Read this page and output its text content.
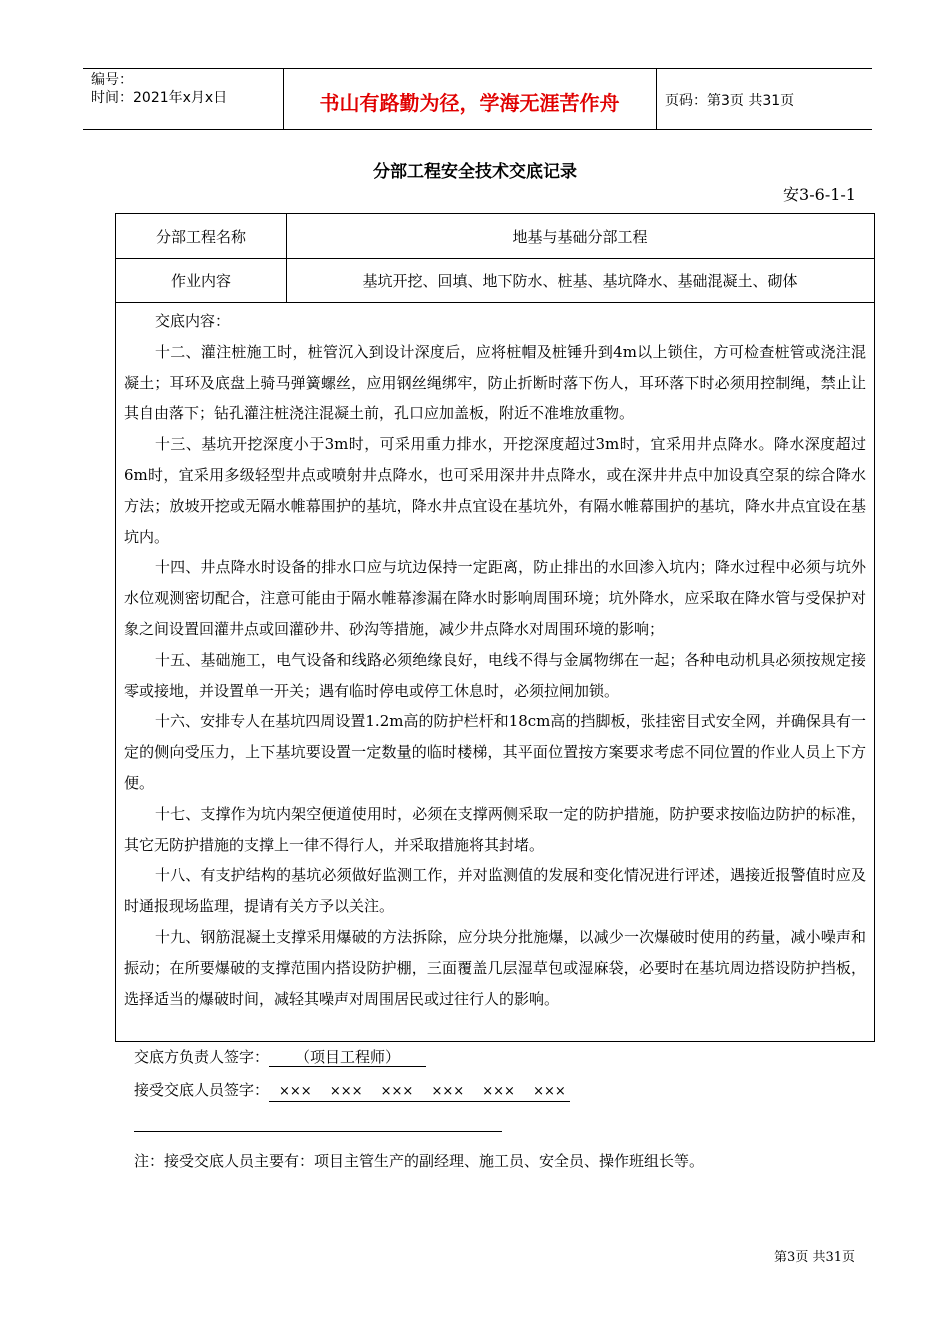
编号：
时间：2021年x月x日	书山有路勤为径，学海无涯苦作舟	页码：第3页 共31页
分部工程安全技术交底记录
安3-6-1-1
分部工程名称	地基与基础分部工程
作业内容	基坑开挖、回填、地下防水、桩基、基坑降水、基础混凝土、砌体

交底内容：

十二、灌注桩施工时，桩管沉入到设计深度后，应将桩帽及桩锤升到4m以上锁住，方可检查桩管或浇注混凝土；耳环及底盘上骑马弹簧螺丝，应用钢丝绳绑牢，防止折断时落下伤人，耳环落下时必须用控制绳，禁止让其自由落下；钻孔灌注桩浇注混凝土前，孔口应加盖板，附近不准堆放重物。

十三、基坑开挖深度小于3m时，可采用重力排水，开挖深度超过3m时，宜采用井点降水。降水深度超过6m时，宜采用多级轻型井点或喷射井点降水，也可采用深井井点降水，或在深井井点中加设真空泵的综合降水方法；放坡开挖或无隔水帷幕围护的基坑，降水井点宜设在基坑外，有隔水帷幕围护的基坑，降水井点宜设在基坑内。

十四、井点降水时设备的排水口应与坑边保持一定距离，防止排出的水回渗入坑内；降水过程中必须与坑外水位观测密切配合，注意可能由于隔水帷幕渗漏在降水时影响周围环境；坑外降水，应采取在降水管与受保护对象之间设置回灌井点或回灌砂井、砂沟等措施，减少井点降水对周围环境的影响；

十五、基础施工，电气设备和线路必须绝缘良好，电线不得与金属物绑在一起；各种电动机具必须按规定接零或接地，并设置单一开关；遇有临时停电或停工休息时，必须拉闸加锁。

十六、安排专人在基坑四周设置1.2m高的防护栏杆和18cm高的挡脚板，张挂密目式安全网，并确保具有一定的侧向受压力，上下基坑要设置一定数量的临时楼梯，其平面位置按方案要求考虑不同位置的作业人员上下方便。

十七、支撑作为坑内架空便道使用时，必须在支撑两侧采取一定的防护措施，防护要求按临边防护的标准，其它无防护措施的支撑上一律不得行人，并采取措施将其封堵。

十八、有支护结构的基坑必须做好监测工作，并对监测值的发展和变化情况进行评述，遇接近报警值时应及时通报现场监理，提请有关方予以关注。

十九、钢筋混凝土支撑采用爆破的方法拆除，应分块分批施爆，以减少一次爆破时使用的药量，减小噪声和振动；在所要爆破的支撑范围内搭设防护棚，三面覆盖几层湿草包或湿麻袋，必要时在基坑周边搭设防护挡板，选择适当的爆破时间，减轻其噪声对周围居民或过往行人的影响。

交底方负责人签字： （项目工程师）
接受交底人员签字： ××× ××× ××× ××× ××× ×××
注：接受交底人员主要有：项目主管生产的副经理、施工员、安全员、操作班组长等。
第3页 共31页
